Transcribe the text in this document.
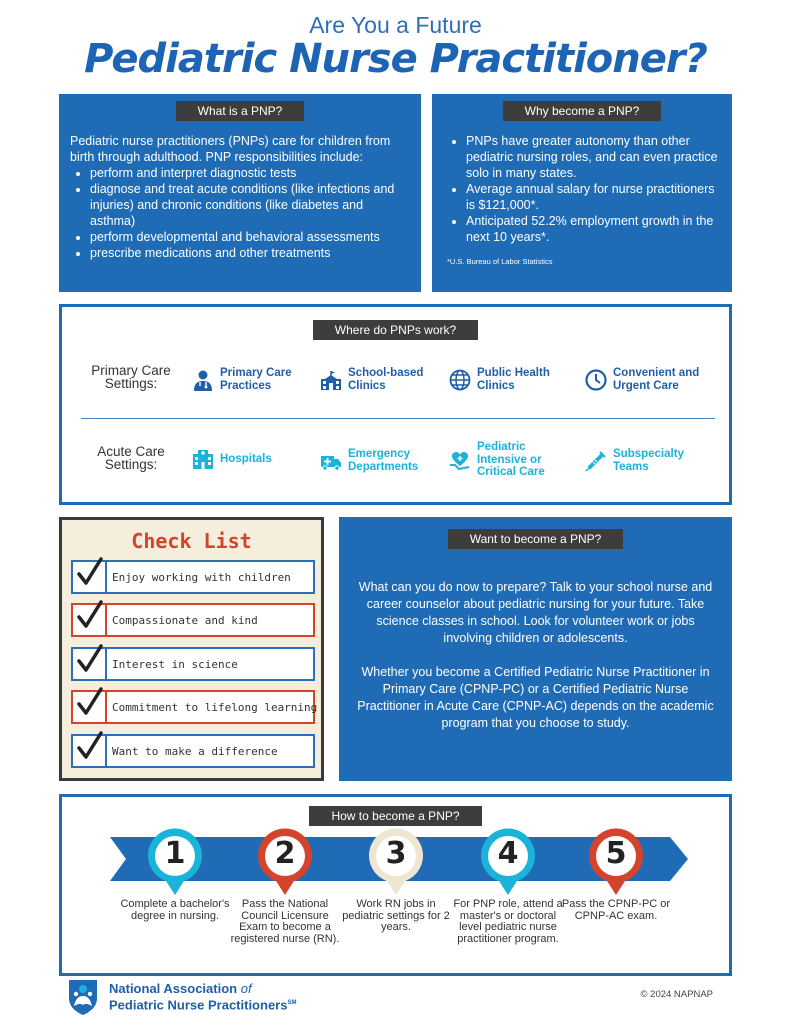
Are You a Future
Pediatric Nurse Practitioner?
What is a PNP?

Pediatric nurse practitioners (PNPs) care for children from birth through adulthood. PNP responsibilities include:

• perform and interpret diagnostic tests
• diagnose and treat acute conditions (like infections and injuries) and chronic conditions (like diabetes and asthma)
• perform developmental and behavioral assessments
• prescribe medications and other treatments
Why become a PNP?
• PNPs have greater autonomy than other pediatric nursing roles, and can even practice solo in many states.
• Average annual salary for nurse practitioners is $121,000*.
• Anticipated 52.2% employment growth in the next 10 years*.

*U.S. Bureau of Labor Statistics

Where do PNPs work?
Primary Care
Settings:
Primary Care
Practices
School-based
Clinics
Public Health
Clinics
Convenient and
Urgent Care
Acute Care
Settings:	Hospitals	Emergency
Departments
Pediatric
Intensive or
Critical Care
Subspecialty
Teams
Check List
Enjoy working with children
Compassionate and kind
Interest in science
Commitment to lifelong learning
Want to make a difference
Want to become a PNP?

What can you do now to prepare? Talk to your school nurse and career counselor about pediatric nursing for your future. Take science classes in school. Look for volunteer work or jobs involving children or adolescents.

Whether you become a Certified Pediatric Nurse Practitioner in Primary Care (CPNP-PC) or a Certified Pediatric Nurse Practitioner in Acute Care (CPNP-AC) depends on the academic program that you choose to study.

How to become a PNP?
1
Complete a bachelor's degree in nursing.
2
Pass the National Council Licensure Exam to become a registered nurse (RN).
3
Work RN jobs in pediatric settings for 2 years.
4
For PNP role, attend a master's or doctoral level pediatric nurse practitioner program.
5
Pass the CPNP-PC or CPNP-AC exam.
National Association of
Pediatric Nurse Practitioners℠
© 2024 NAPNAP
